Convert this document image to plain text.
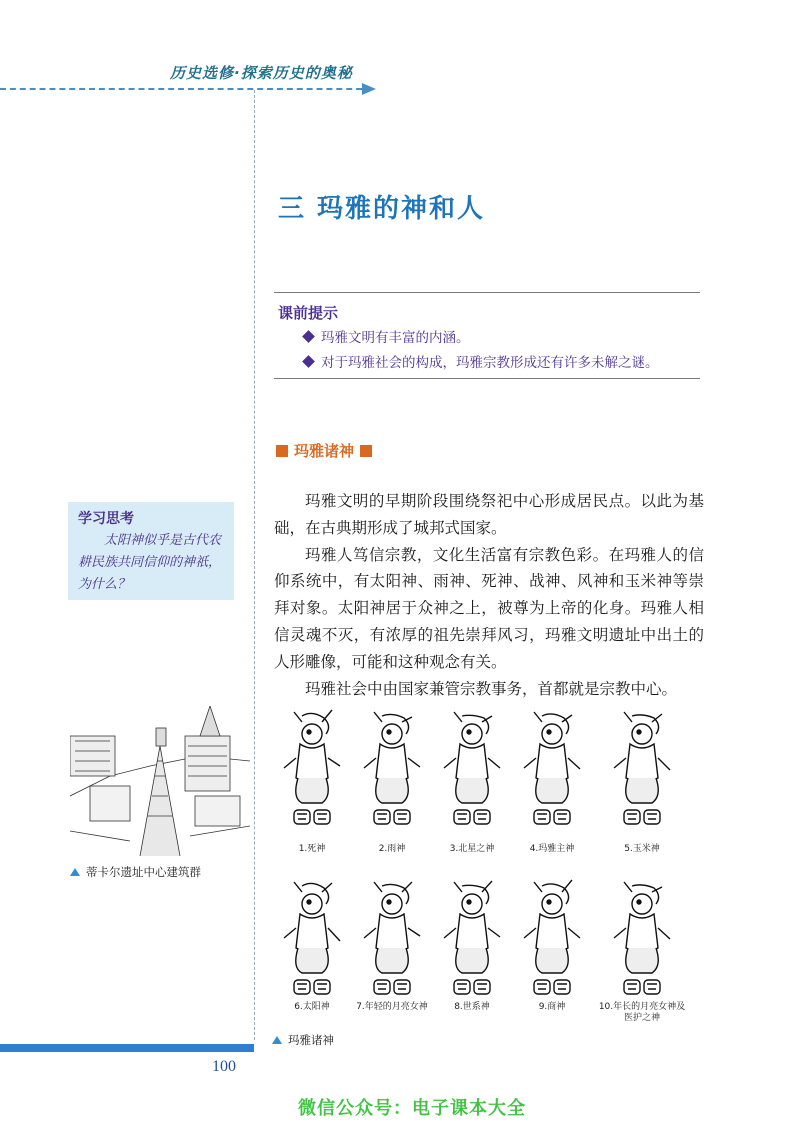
历史选修·探索历史的奥秘
三 玛雅的神和人
课前提示
玛雅文明有丰富的内涵。
对于玛雅社会的构成，玛雅宗教形成还有许多未解之谜。
玛雅诸神

玛雅文明的早期阶段围绕祭祀中心形成居民点。以此为基础，在古典期形成了城邦式国家。

玛雅人笃信宗教，文化生活富有宗教色彩。在玛雅人的信仰系统中，有太阳神、雨神、死神、战神、风神和玉米神等崇拜对象。太阳神居于众神之上，被尊为上帝的化身。玛雅人相信灵魂不灭，有浓厚的祖先崇拜风习，玛雅文明遗址中出土的人形雕像，可能和这种观念有关。

玛雅社会中由国家兼管宗教事务，首都就是宗教中心。

学习思考
太阳神似乎是古代农耕民族共同信仰的神祇，为什么？
蒂卡尔遗址中心建筑群
1.死神	2.雨神	3.北星之神	4.玛雅主神	5.玉米神
6.太阳神	7.年轻的月亮女神	8.世系神	9.商神	10.年长的月亮女神及医护之神
玛雅诸神
100
微信公众号：电子课本大全
